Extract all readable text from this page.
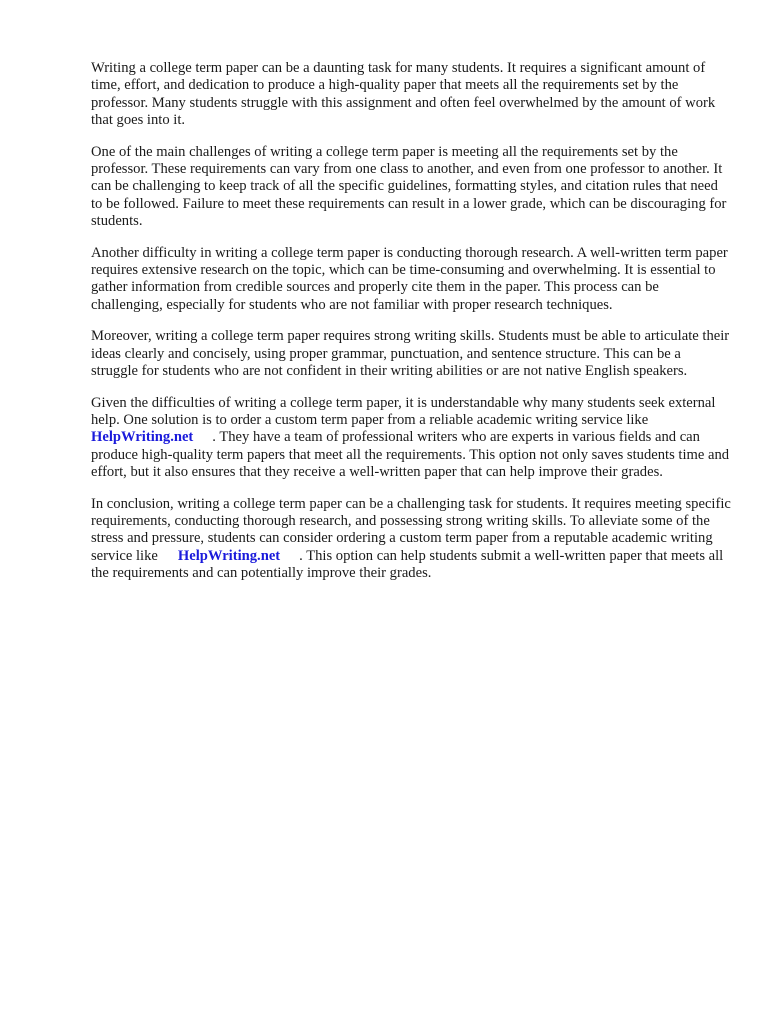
Writing a college term paper can be a daunting task for many students. It requires a significant amount of time, effort, and dedication to produce a high-quality paper that meets all the requirements set by the professor. Many students struggle with this assignment and often feel overwhelmed by the amount of work that goes into it.

One of the main challenges of writing a college term paper is meeting all the requirements set by the professor. These requirements can vary from one class to another, and even from one professor to another. It can be challenging to keep track of all the specific guidelines, formatting styles, and citation rules that need to be followed. Failure to meet these requirements can result in a lower grade, which can be discouraging for students.

Another difficulty in writing a college term paper is conducting thorough research. A well-written term paper requires extensive research on the topic, which can be time-consuming and overwhelming. It is essential to gather information from credible sources and properly cite them in the paper. This process can be challenging, especially for students who are not familiar with proper research techniques.

Moreover, writing a college term paper requires strong writing skills. Students must be able to articulate their ideas clearly and concisely, using proper grammar, punctuation, and sentence structure. This can be a struggle for students who are not confident in their writing abilities or are not native English speakers.

Given the difficulties of writing a college term paper, it is understandable why many students seek external help. One solution is to order a custom term paper from a reliable academic writing service likeHelpWriting.net . They have a team of professional writers who are experts in various fields and can produce high-quality term papers that meet all the requirements. This option not only saves students time and effort, but it also ensures that they receive a well-written paper that can help improve their grades.

In conclusion, writing a college term paper can be a challenging task for students. It requires meeting specific requirements, conducting thorough research, and possessing strong writing skills. To alleviate some of the stress and pressure, students can consider ordering a custom term paper from a reputable academic writing service like HelpWriting.net . This option can help students submit a well-written paper that meets all the requirements and can potentially improve their grades.
